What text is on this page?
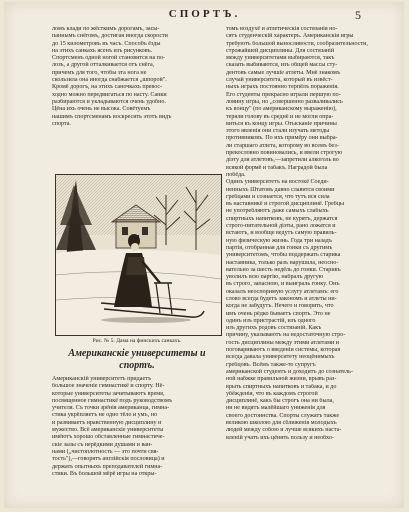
СПОРТЪ.	5
ломъ клади по жёсткимъ дорогамъ, засы-
паннымъ снёгомъ, достигая иногда скорости
до 15 километровъ въ часъ. Способъ ёзды
на этихъ санкахъ ясенъ изъ рисунковъ.
Спортсменъ одной ногой становится на по-
лозъ, а другой отталкивается отъ снёга,
причемъ для того, чтобы эта нога не
скользила она иногда снабжается „шпорой".
Кромё дорогъ, на этихъ саночкахъ превос-
ходно можно передвигаться по насту. Санки
разбираются и укладываются очень удобно.
Цёна ихъ очень не высока. Совётуемъ
нашимъ спортсменамъ воскресить этотъ видъ
спорта.
Рис. № 5. Дама на финскихъ санкахъ.
Американскіе университеты и
спортъ.
Американскій университетъ придаетъ
большое значеніе гимнастикё и спорту. Нё-
которые университеты зачитываютъ время,
посвященное гимнастикё подъ руководствомъ
учителя. Съ точки зрёнія американца, гимна-
стика укрёпляетъ не одно тёло и умъ, но
и развиваетъ нравственную дисциплину и
мужество. Всё американскіе университеты
имёютъ хорошо обставленные гимнастиче-
скіе залы съ нерёдкими душами и ван-
нами („чистоплотность — это почти свя-
тость"),—говорятъ англійскія пословица) и
держать опытныхъ преподавателей гимна-
стики. Въ большой мёрё игры на откры-
томъ воздухё и атлетическія состязанія но-
сятъ студенческій характеръ. Американскія игры
требуютъ большой выносливости, сообразительности,
строжайшей дисциплины. Для состязаній
между университетами выбираются, такъ
сказать выбиваются, изъ общей массы сту-
дентовъ самые лучшіе атлеты. Мнё знакомъ
случай университета, который въ извёст-
ныхъ играхъ постоянно терпёлъ пораженія.
Его студенты прекрасно играли першую по-
ловину игры, но „совершенно разваливались
къ вонцу" (по американскому выраженію),
теряли голову въ среднё и не могли опра-
виться къ концу игры. Отысканіе причины
этого явленія они стали изучать методы
противниковъ. По ихъ примёру они выбра-
ли старшаго атлета, которому во всемъ без-
прекословно повиновались, и ввели строгую
діэту для атлетовъ,—запретили алкоголь во
всякой формё и табакъ. Наградой была
побёда.
Одинъ университетъ на востокё Соеди-
ненныхъ Штатовъ давно славится своими
гребцами и сознается, что тутъ вся сила
въ наставникё и строгой дисциплинё. Гребцы
не употребляютъ даже самыхъ слабыхъ
спиртныхъ напитковъ, не курятъ, держатся
строго-питательной діэты, рано ложатся и
встаютъ, и вообще ведутъ самую правиль-
ную физическую жизнь. Года три назадъ
партія, отобранная для гонки съ другимъ
университетомъ, чтобы поддержать старика
наставника, только разъ нарушила, неосно-
вательно за шесть недёль до гонки. Старикъ
уволилъ всю партію, набралъ другую
въ строго, запасною, и выиграль гонку. Онъ
оказалъ неоспоримую услугу атлетамъ: его
слово всегда будетъ закономъ и атлеты ни-
когда не забудутъ. Нечего и говорить, что
имъ очень рёдко бываетъ спорть. Это не
одинъ изъ пристрастій, изъ одного
изъ другихъ родовъ состязаній. Какъ
причину, указываютъ на недостаточную стро-
гость дисциплины между этими атлетами и
поговариваютъ о введеніи системы, которая
всегда давала университету неоцёнимыхъ
гребцовъ. Всёмъ также-то супругъ
американской студентъ и доходитъ до сознатель-
ной набжке правильной жизни, врывъ раз-
врыть спиртныхъ напитковъ и табака, и до
убёжденія, что въ каждомъ строгой
дисциплинё, какъ бы строгъ она ни была,
ни не видятъ малёйшаго униженія для
своего достоинства. Спорты служатъ также
великою школою для сближенія молодыхъ
людей между собою и лучше всякихъ наста-
вленій учатъ ихъ цёнить пользу и необхо-
